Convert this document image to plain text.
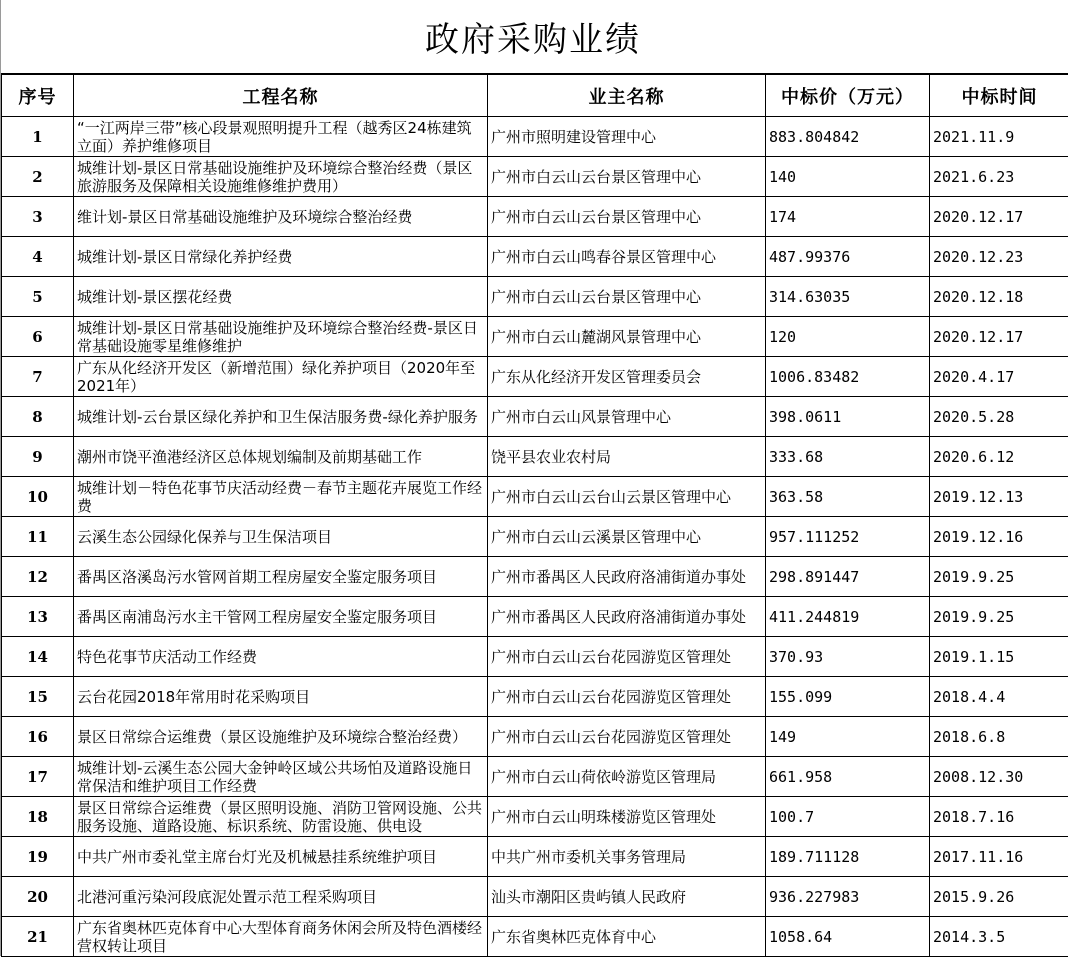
政府采购业绩
序号	工程名称	业主名称	中标价（万元）	中标时间

1	“一江两岸三带”核心段景观照明提升工程（越秀区24栋建筑立面）养护维修项目	广州市照明建设管理中心	883.804842	2021.11.9

2	城维计划-景区日常基础设施维护及环境综合整治经费（景区旅游服务及保障相关设施维修维护费用）	广州市白云山云台景区管理中心	140	2021.6.23

3	维计划-景区日常基础设施维护及环境综合整治经费	广州市白云山云台景区管理中心	174	2020.12.17

4	城维计划-景区日常绿化养护经费	广州市白云山鸣春谷景区管理中心	487.99376	2020.12.23

5	城维计划-景区摆花经费	广州市白云山云台景区管理中心	314.63035	2020.12.18

6	城维计划-景区日常基础设施维护及环境综合整治经费-景区日常基础设施零星维修维护	广州市白云山麓湖风景管理中心	120	2020.12.17

7	广东从化经济开发区（新增范围）绿化养护项目（2020年至2021年）	广东从化经济开发区管理委员会	1006.83482	2020.4.17

8	城维计划-云台景区绿化养护和卫生保洁服务费-绿化养护服务	广州市白云山风景管理中心	398.0611	2020.5.28

9	潮州市饶平渔港经济区总体规划编制及前期基础工作	饶平县农业农村局	333.68	2020.6.12

10	城维计划－特色花事节庆活动经费－春节主题花卉展览工作经费	广州市白云山云台山云景区管理中心	363.58	2019.12.13

11	云溪生态公园绿化保养与卫生保洁项目	广州市白云山云溪景区管理中心	957.111252	2019.12.16

12	番禺区洛溪岛污水管网首期工程房屋安全鉴定服务项目	广州市番禺区人民政府洛浦街道办事处	298.891447	2019.9.25

13	番禺区南浦岛污水主干管网工程房屋安全鉴定服务项目	广州市番禺区人民政府洛浦街道办事处	411.244819	2019.9.25

14	特色花事节庆活动工作经费	广州市白云山云台花园游览区管理处	370.93	2019.1.15

15	云台花园2018年常用时花采购项目	广州市白云山云台花园游览区管理处	155.099	2018.4.4

16	景区日常综合运维费（景区设施维护及环境综合整治经费）	广州市白云山云台花园游览区管理处	149	2018.6.8

17	城维计划-云溪生态公园大金钟岭区域公共场怕及道路设施日常保洁和维护项目工作经费	广州市白云山荷依岭游览区管理局	661.958	2008.12.30

18	景区日常综合运维费（景区照明设施、消防卫管网设施、公共服务设施、道路设施、标识系统、防雷设施、供电设	广州市白云山明珠楼游览区管理处	100.7	2018.7.16

19	中共广州市委礼堂主席台灯光及机械悬挂系统维护项目	中共广州市委机关事务管理局	189.711128	2017.11.16

20	北港河重污染河段底泥处置示范工程采购项目	汕头市潮阳区贵屿镇人民政府	936.227983	2015.9.26

21	广东省奥林匹克体育中心大型体育商务休闲会所及特色酒楼经营权转让项目	广东省奥林匹克体育中心	1058.64	2014.3.5
